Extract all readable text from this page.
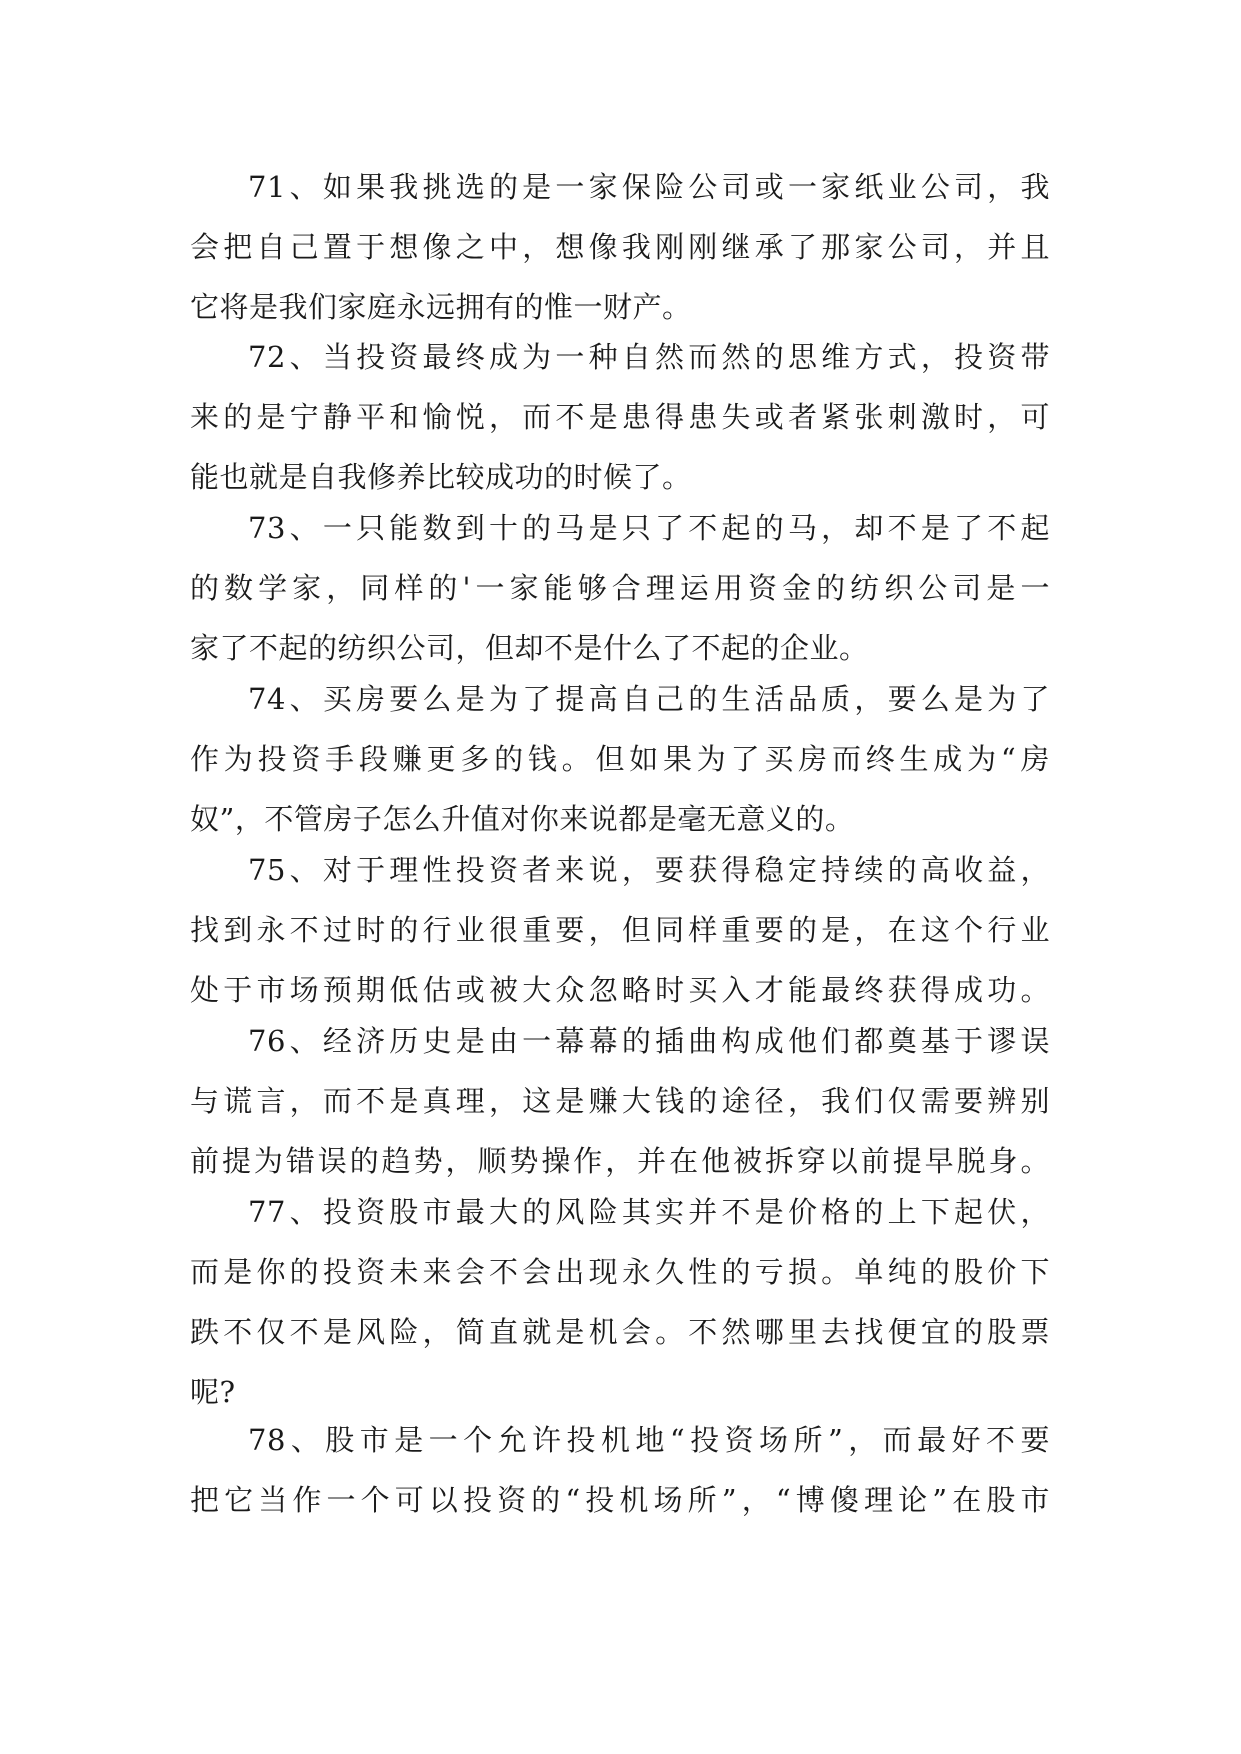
71、如果我挑选的是一家保险公司或一家纸业公司，我
会把自己置于想像之中，想像我刚刚继承了那家公司，并且
它将是我们家庭永远拥有的惟一财产。
72、当投资最终成为一种自然而然的思维方式，投资带
来的是宁静平和愉悦，而不是患得患失或者紧张刺激时，可
能也就是自我修养比较成功的时候了。
73、一只能数到十的马是只了不起的马，却不是了不起
的数学家，同样的'一家能够合理运用资金的纺织公司是一
家了不起的纺织公司，但却不是什么了不起的企业。
74、买房要么是为了提高自己的生活品质，要么是为了
作为投资手段赚更多的钱。但如果为了买房而终生成为“房
奴”，不管房子怎么升值对你来说都是毫无意义的。
75、对于理性投资者来说，要获得稳定持续的高收益，
找到永不过时的行业很重要，但同样重要的是，在这个行业
处于市场预期低估或被大众忽略时买入才能最终获得成功。
76、经济历史是由一幕幕的插曲构成他们都奠基于谬误
与谎言，而不是真理，这是赚大钱的途径，我们仅需要辨别
前提为错误的趋势，顺势操作，并在他被拆穿以前提早脱身。
77、投资股市最大的风险其实并不是价格的上下起伏，
而是你的投资未来会不会出现永久性的亏损。单纯的股价下
跌不仅不是风险，简直就是机会。不然哪里去找便宜的股票
呢?
78、股市是一个允许投机地“投资场所”，而最好不要
把它当作一个可以投资的“投机场所”，“博傻理论”在股市
